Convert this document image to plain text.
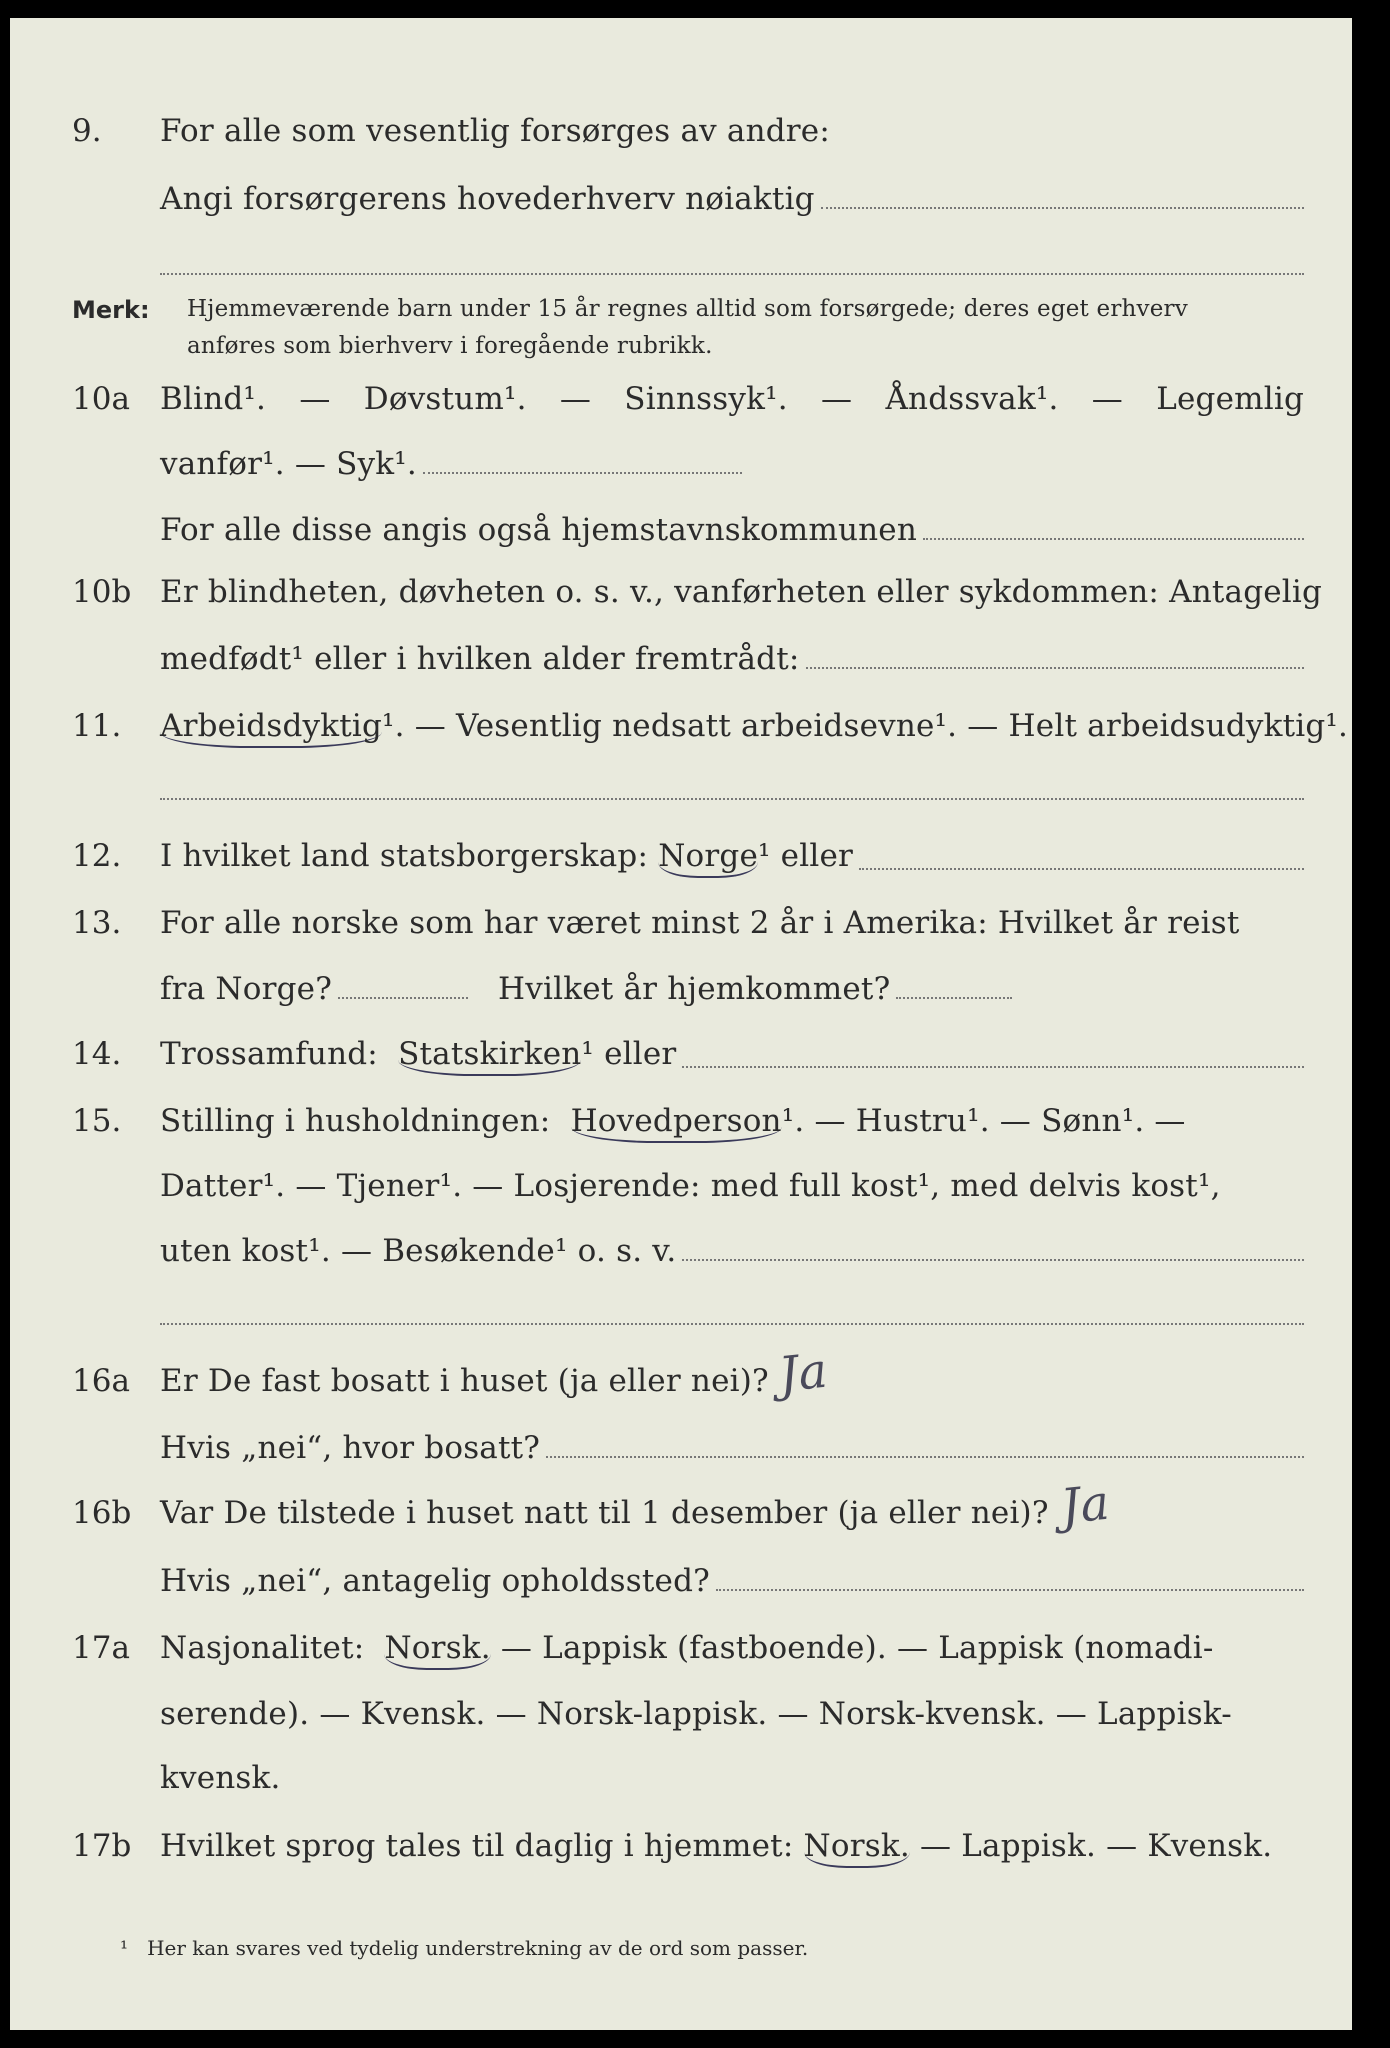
9. For alle som vesentlig forsørges av andre:
Angi forsørgerens hovederhverv nøiaktig
Merk: Hjemmeværende barn under 15 år regnes alltid som forsørgede; deres eget erhverv
anføres som bierhverv i foregående rubrikk.
10a Blind¹. — Døvstum¹. — Sinnssyk¹. — Åndssvak¹. — Legemlig
vanfør¹. — Syk¹.
For alle disse angis også hjemstavnskommunen
10b Er blindheten, døvheten o. s. v., vanførheten eller sykdommen: Antagelig
medfødt¹ eller i hvilken alder fremtrådt:
11. Arbeidsdyktig¹. — Vesentlig nedsatt arbeidsevne¹. — Helt arbeidsudyktig¹.
12. I hvilket land statsborgerskap:
Norge ¹ eller
13. For alle norske som har været minst 2 år i Amerika: Hvilket år reist
fra Norge?	Hvilket år hjemkommet?
14. Trossamfund:
Statskirken ¹ eller
15. Stilling i husholdningen: Hovedperson¹. — Hustru¹. — Sønn¹. —
Datter¹. — Tjener¹. — Losjerende: med full kost¹, med delvis kost¹,
uten kost¹. — Besøkende¹ o. s. v.
16a Er De fast bosatt i huset (ja eller nei)? Ja
Hvis „nei“, hvor bosatt?
16b Var De tilstede i huset natt til 1 desember (ja eller nei)? Ja
Hvis „nei“, antagelig opholdssted?
17a Nasjonalitet: Norsk. — Lappisk (fastboende). — Lappisk (nomadi-
serende). — Kvensk. — Norsk-lappisk. — Norsk-kvensk. — Lappisk-
kvensk.
17b Hvilket sprog tales til daglig i hjemmet: Norsk. — Lappisk. — Kvensk.
¹ Her kan svares ved tydelig understrekning av de ord som passer.
